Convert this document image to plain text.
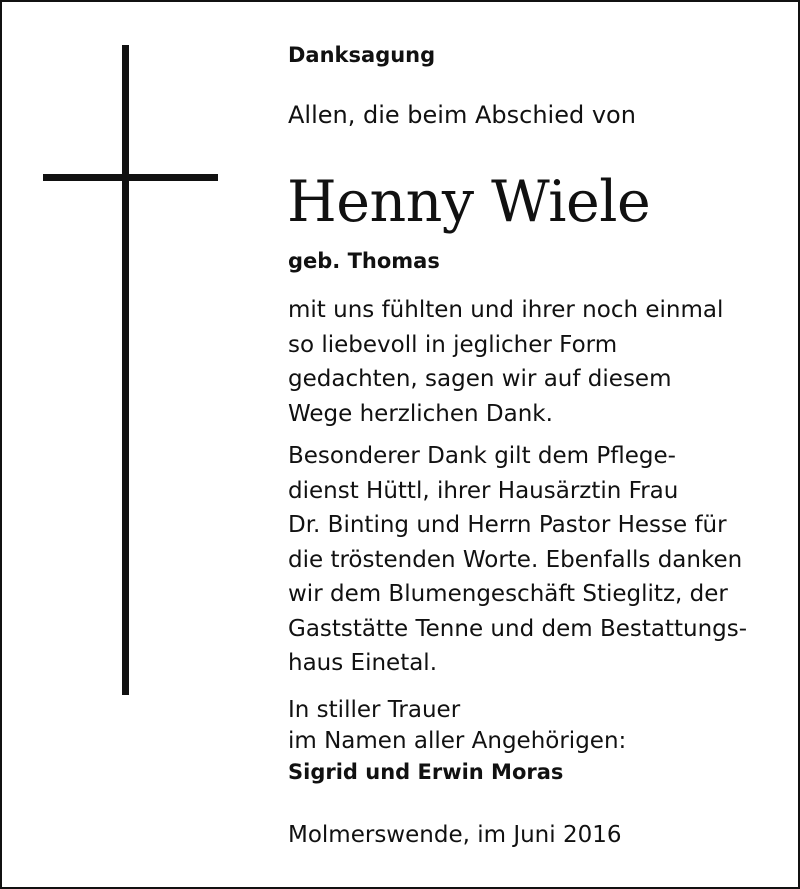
Danksagung
Allen, die beim Abschied von
Henny Wiele
geb. Thomas
mit uns fühlten und ihrer noch einmal
so liebevoll in jeglicher Form
gedachten, sagen wir auf diesem
Wege herzlichen Dank.
Besonderer Dank gilt dem Pflege-
dienst Hüttl, ihrer Hausärztin Frau
Dr. Binting und Herrn Pastor Hesse für
die tröstenden Worte. Ebenfalls danken
wir dem Blumengeschäft Stieglitz, der
Gaststätte Tenne und dem Bestattungs-
haus Einetal.
In stiller Trauer
im Namen aller Angehörigen:
Sigrid und Erwin Moras
Molmerswende, im Juni 2016
